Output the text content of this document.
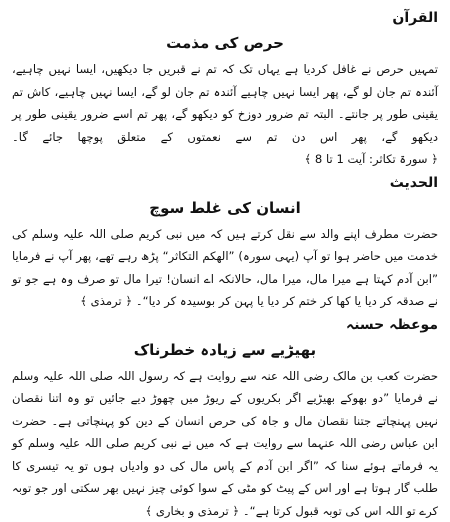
القرآن
حرص کی مذمت

تمہیں حرص نے غافل کردیا ہے یہاں تک کہ تم نے قبریں جا دیکھیں، ایسا نہیں چاہیے، آئندہ تم جان لو گے، پھر ایسا نہیں چاہیے آئندہ تم جان لو گے، ایسا نہیں چاہیے، کاش تم یقینی طور پر جانتے۔ البتہ تم ضرور دوزخ کو دیکھو گے، پھر تم اسے ضرور یقینی طور پر دیکھو گے، پھر اس دن تم سے نعمتوں کے متعلق پوچھا جائے گا۔ ﴿ سورۃ تکاثر: آیت 1 تا 8 ﴾

الحدیث
انسان کی غلط سوچ

حضرت مطرف اپنے والد سے نقل کرتے ہیں کہ میں نبی کریم صلی اللہ علیہ وسلم کی خدمت میں حاضر ہوا تو آپ (یہی سورہ) ”الھکم التکاثر“ پڑھ رہے تھے، پھر آپ نے فرمایا ”ابن آدم کہتا ہے میرا مال، میرا مال، حالانکہ اے انسان! تیرا مال تو صرف وہ ہے جو تو نے صدقہ کر دیا یا کھا کر ختم کر دیا یا پہن کر بوسیدہ کر دیا“۔ ﴿ ترمذی ﴾

موعظہ حسنہ
بھیڑیے سے زیادہ خطرناک

حضرت کعب بن مالک رضی اللہ عنہ سے روایت ہے کہ رسول اللہ صلی اللہ علیہ وسلم نے فرمایا ”دو بھوکے بھیڑیے اگر بکریوں کے ریوڑ میں چھوڑ دیے جائیں تو وہ اتنا نقصان نہیں پہنچاتے جتنا نقصان مال و جاہ کی حرص انسان کے دین کو پہنچاتی ہے۔ حضرت ابن عباس رضی اللہ عنہما سے روایت ہے کہ میں نے نبی کریم صلی اللہ علیہ وسلم کو یہ فرماتے ہوئے سنا کہ ”اگر ابن آدم کے پاس مال کی دو وادیاں ہوں تو یہ تیسری کا طلب گار ہوتا ہے اور اس کے پیٹ کو مٹی کے سوا کوئی چیز نہیں بھر سکتی اور جو توبہ کرے تو اللہ اس کی توبہ قبول کرتا ہے“۔ ﴿ ترمذی و بخاری ﴾
